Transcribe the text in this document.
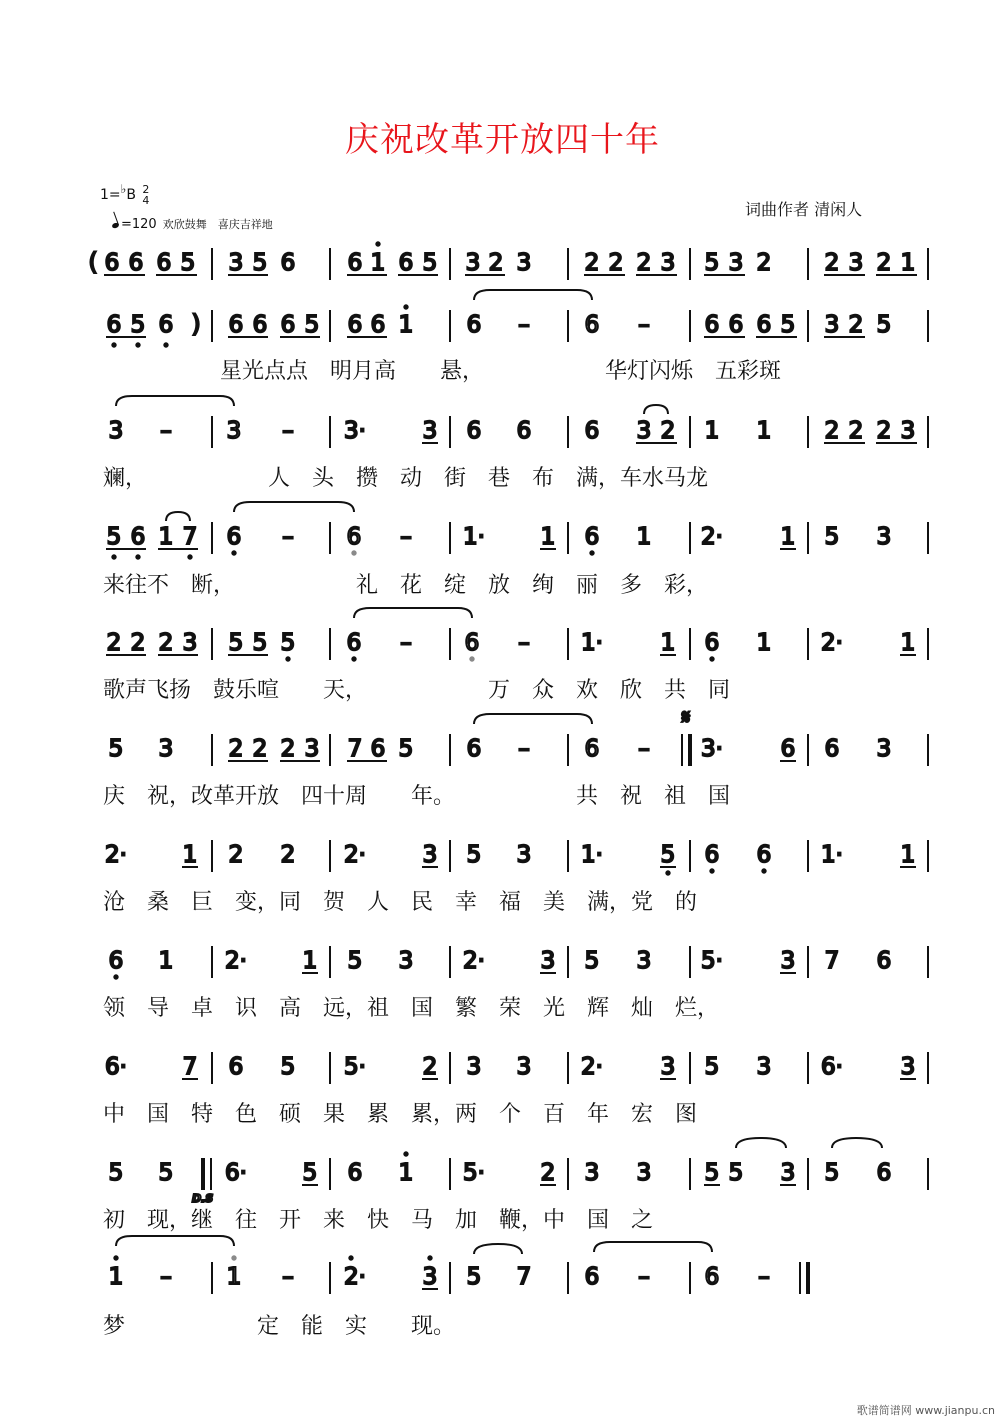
庆祝改革开放四十年
1=♭B 2
4
=120 欢欣鼓舞　喜庆吉祥地
词曲作者 清闲人
星光点点　明月高　　悬，　　　　　　华灯闪烁　五彩斑
斓，　　　　　　人　头　攒　动　街　巷　布　满，车水马龙
来往不　断，　　　　　　礼　花　绽　放　绚　丽　多　彩，
歌声飞扬　鼓乐喧　　天，　　　　　　万　众　欢　欣　共　同
庆　祝，改革开放　四十周　　年。　　　　　　共　祝　祖　国
沧　桑　巨　变，同　贺　人　民　幸　福　美　满，党　的
领　导　卓　识　高　远，祖　国　繁　荣　光　辉　灿　烂，
中　国　特　色　硕　果　累　累，两　个　百　年　宏　图
初　现，继　往　开　来　快　马　加　鞭，中　国　之
梦　　　　　　定　能　实　　现。
( 6 6 6 5 3 5 6 6 1 6 5 3 2 3 2 2 2 3 5 3 2 2 3 2 1
6 5 6 ) 6 6 6 5 6 6 1 6 – 6 – 6 6 6 5 3 2 5
3 – 3 – 3· 3 6 6 6 3 2 1 1 2 2 2 3
5 6 1 7 6 – 6 – 1· 1 6 1 2·	1 5 3
2 2 2 3 5 5 5 6 – 6 – 1·	1 6 1 2·	1
5 3 2 2 2 3 7 6 5 6 – 6 –
𝄋
3·	6 6 3
2· 1 2 2 2· 3 5 3 1·	5 6 6 1·	1
6 1 2· 1 5 3 2· 3 5 3 5·	3 7 6
6· 7 6 5 5· 2 3 3 2·	3 5 3 6·	3
5 5
D.S
6· 5 6 1 5· 2 3 3 5 5 3 5 6
1 – 1 – 2· 3 5 7 6 – 6 –
歌谱简谱网 www.jianpu.cn
